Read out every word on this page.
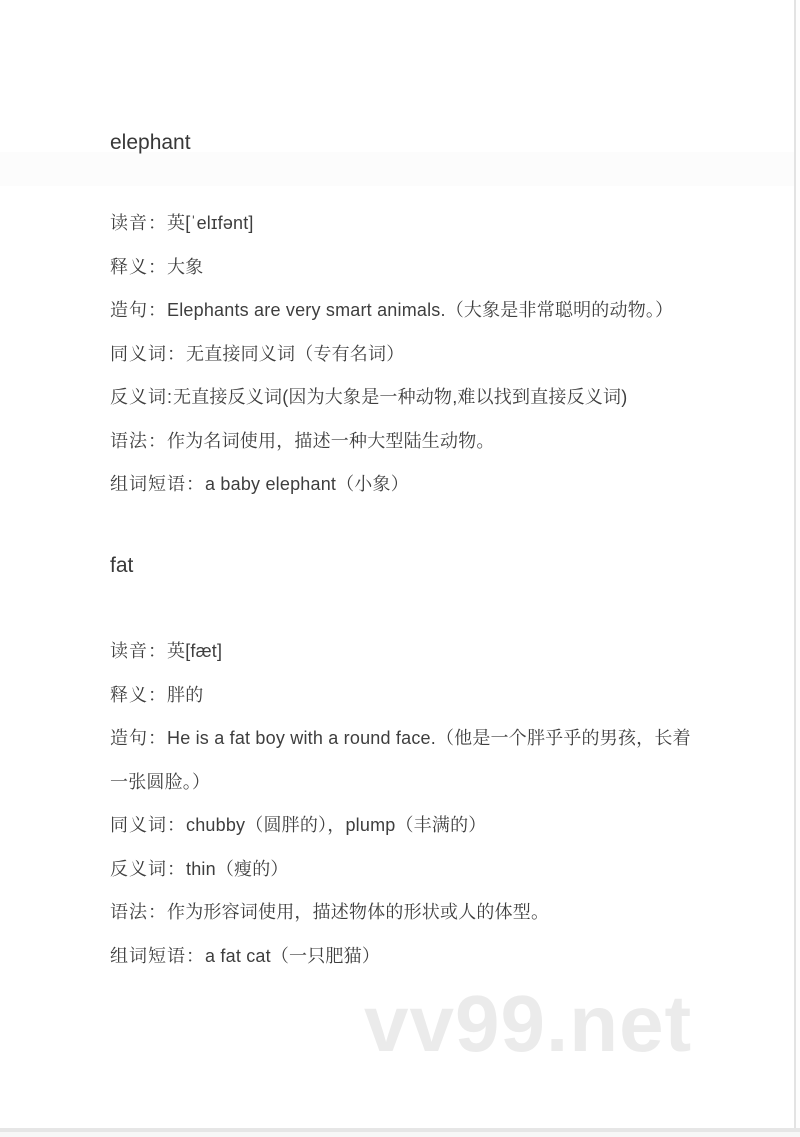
elephant

读音：英[ˈelɪfənt]

释义：大象

造句：Elephants are very smart animals.（大象是非常聪明的动物。）

同义词：无直接同义词（专有名词）

反义词:无直接反义词(因为大象是一种动物,难以找到直接反义词)

语法：作为名词使用，描述一种大型陆生动物。

组词短语：a baby elephant（小象）

fat

读音：英[fæt]

释义：胖的

造句：He is a fat boy with a round face.（他是一个胖乎乎的男孩，长着一张圆脸。）

同义词：chubby（圆胖的），plump（丰满的）

反义词：thin（瘦的）

语法：作为形容词使用，描述物体的形状或人的体型。

组词短语：a fat cat（一只肥猫）

vv99.net
